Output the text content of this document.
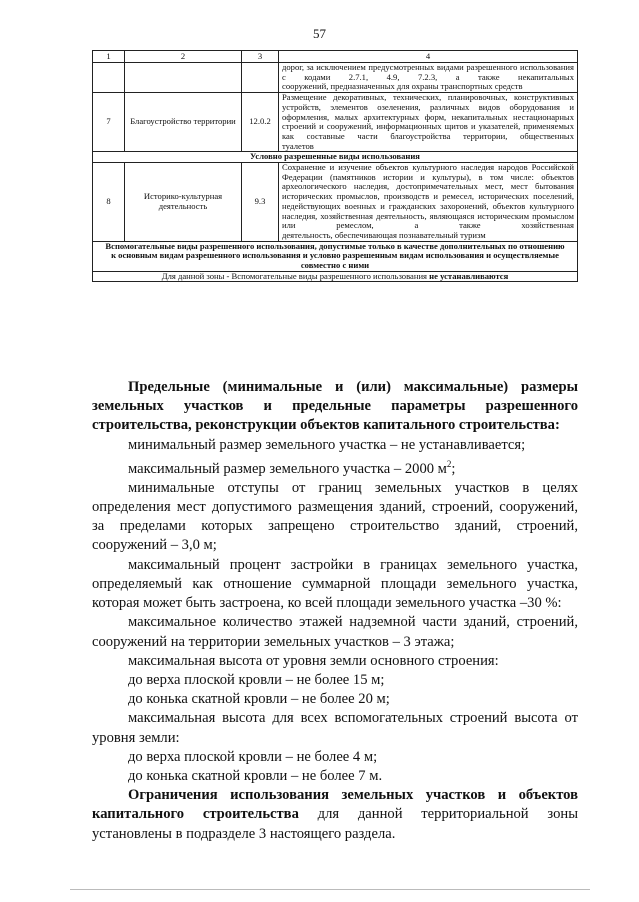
57
1	2	3	4
			дорог, за исключением предусмотренных видами разрешенного использования с кодами 2.7.1, 4.9, 7.2.3, а также некапитальных
сооружений, предназначенных для охраны транспортных средств

7	Благоустройство территории	12.0.2	Размещение декоративных, технических, планировочных, конструктивных устройств, элементов озеленения, различных видов оборудования и оформления, малых архитектурных форм, некапитальных нестационарных строений и сооружений, информационных щитов и указателей, применяемых как составные части благоустройства территории, общественных
туалетов

Условно разрешенные виды использования			
8	Историко-культурная деятельность	9.3	Сохранение и изучение объектов культурного наследия народов Российской Федерации (памятников истории и культуры), в том числе: объектов археологического наследия, достопримечательных мест, мест бытования исторических промыслов, производств и ремесел, исторических поселений, недействующих военных и гражданских захоронений, объектов культурного наследия, хозяйственная деятельность, являющаяся историческим промыслом или ремеслом, а также хозяйственная
деятельность, обеспечивающая познавательный туризм

Вспомогательные виды разрешенного использования, допустимые только в качестве дополнительных по отношению к основным видам разрешенного использования и условно разрешенным видам использования и осуществляемые совместно с ними			
Для данной зоны - Вспомогательные виды разрешенного использования не устанавливаются			

Предельные (минимальные и (или) максимальные) размеры земельных участков и предельные параметры разрешенного строительства, реконструкции объектов капитального строительства:

минимальный размер земельного участка – не устанавливается;

максимальный размер земельного участка – 2000 $м^2$;

минимальные отступы от границ земельных участков в целях определения мест допустимого размещения зданий, строений, сооружений, за пределами которых запрещено строительство зданий, строений, сооружений – 3,0 м;

максимальный процент застройки в границах земельного участка, определяемый как отношение суммарной площади земельного участка, которая может быть застроена, ко всей площади земельного участка –30 %:

максимальное количество этажей надземной части зданий, строений, сооружений на территории земельных участков – 3 этажа;

максимальная высота от уровня земли основного строения:

до верха плоской кровли – не более 15 м;

до конька скатной кровли – не более 20 м;

максимальная высота для всех вспомогательных строений высота от уровня земли:

до верха плоской кровли – не более 4 м;

до конька скатной кровли – не более 7 м.

Ограничения использования земельных участков и объектов капитального строительства для данной территориальной зоны установлены в подразделе 3 настоящего раздела.
